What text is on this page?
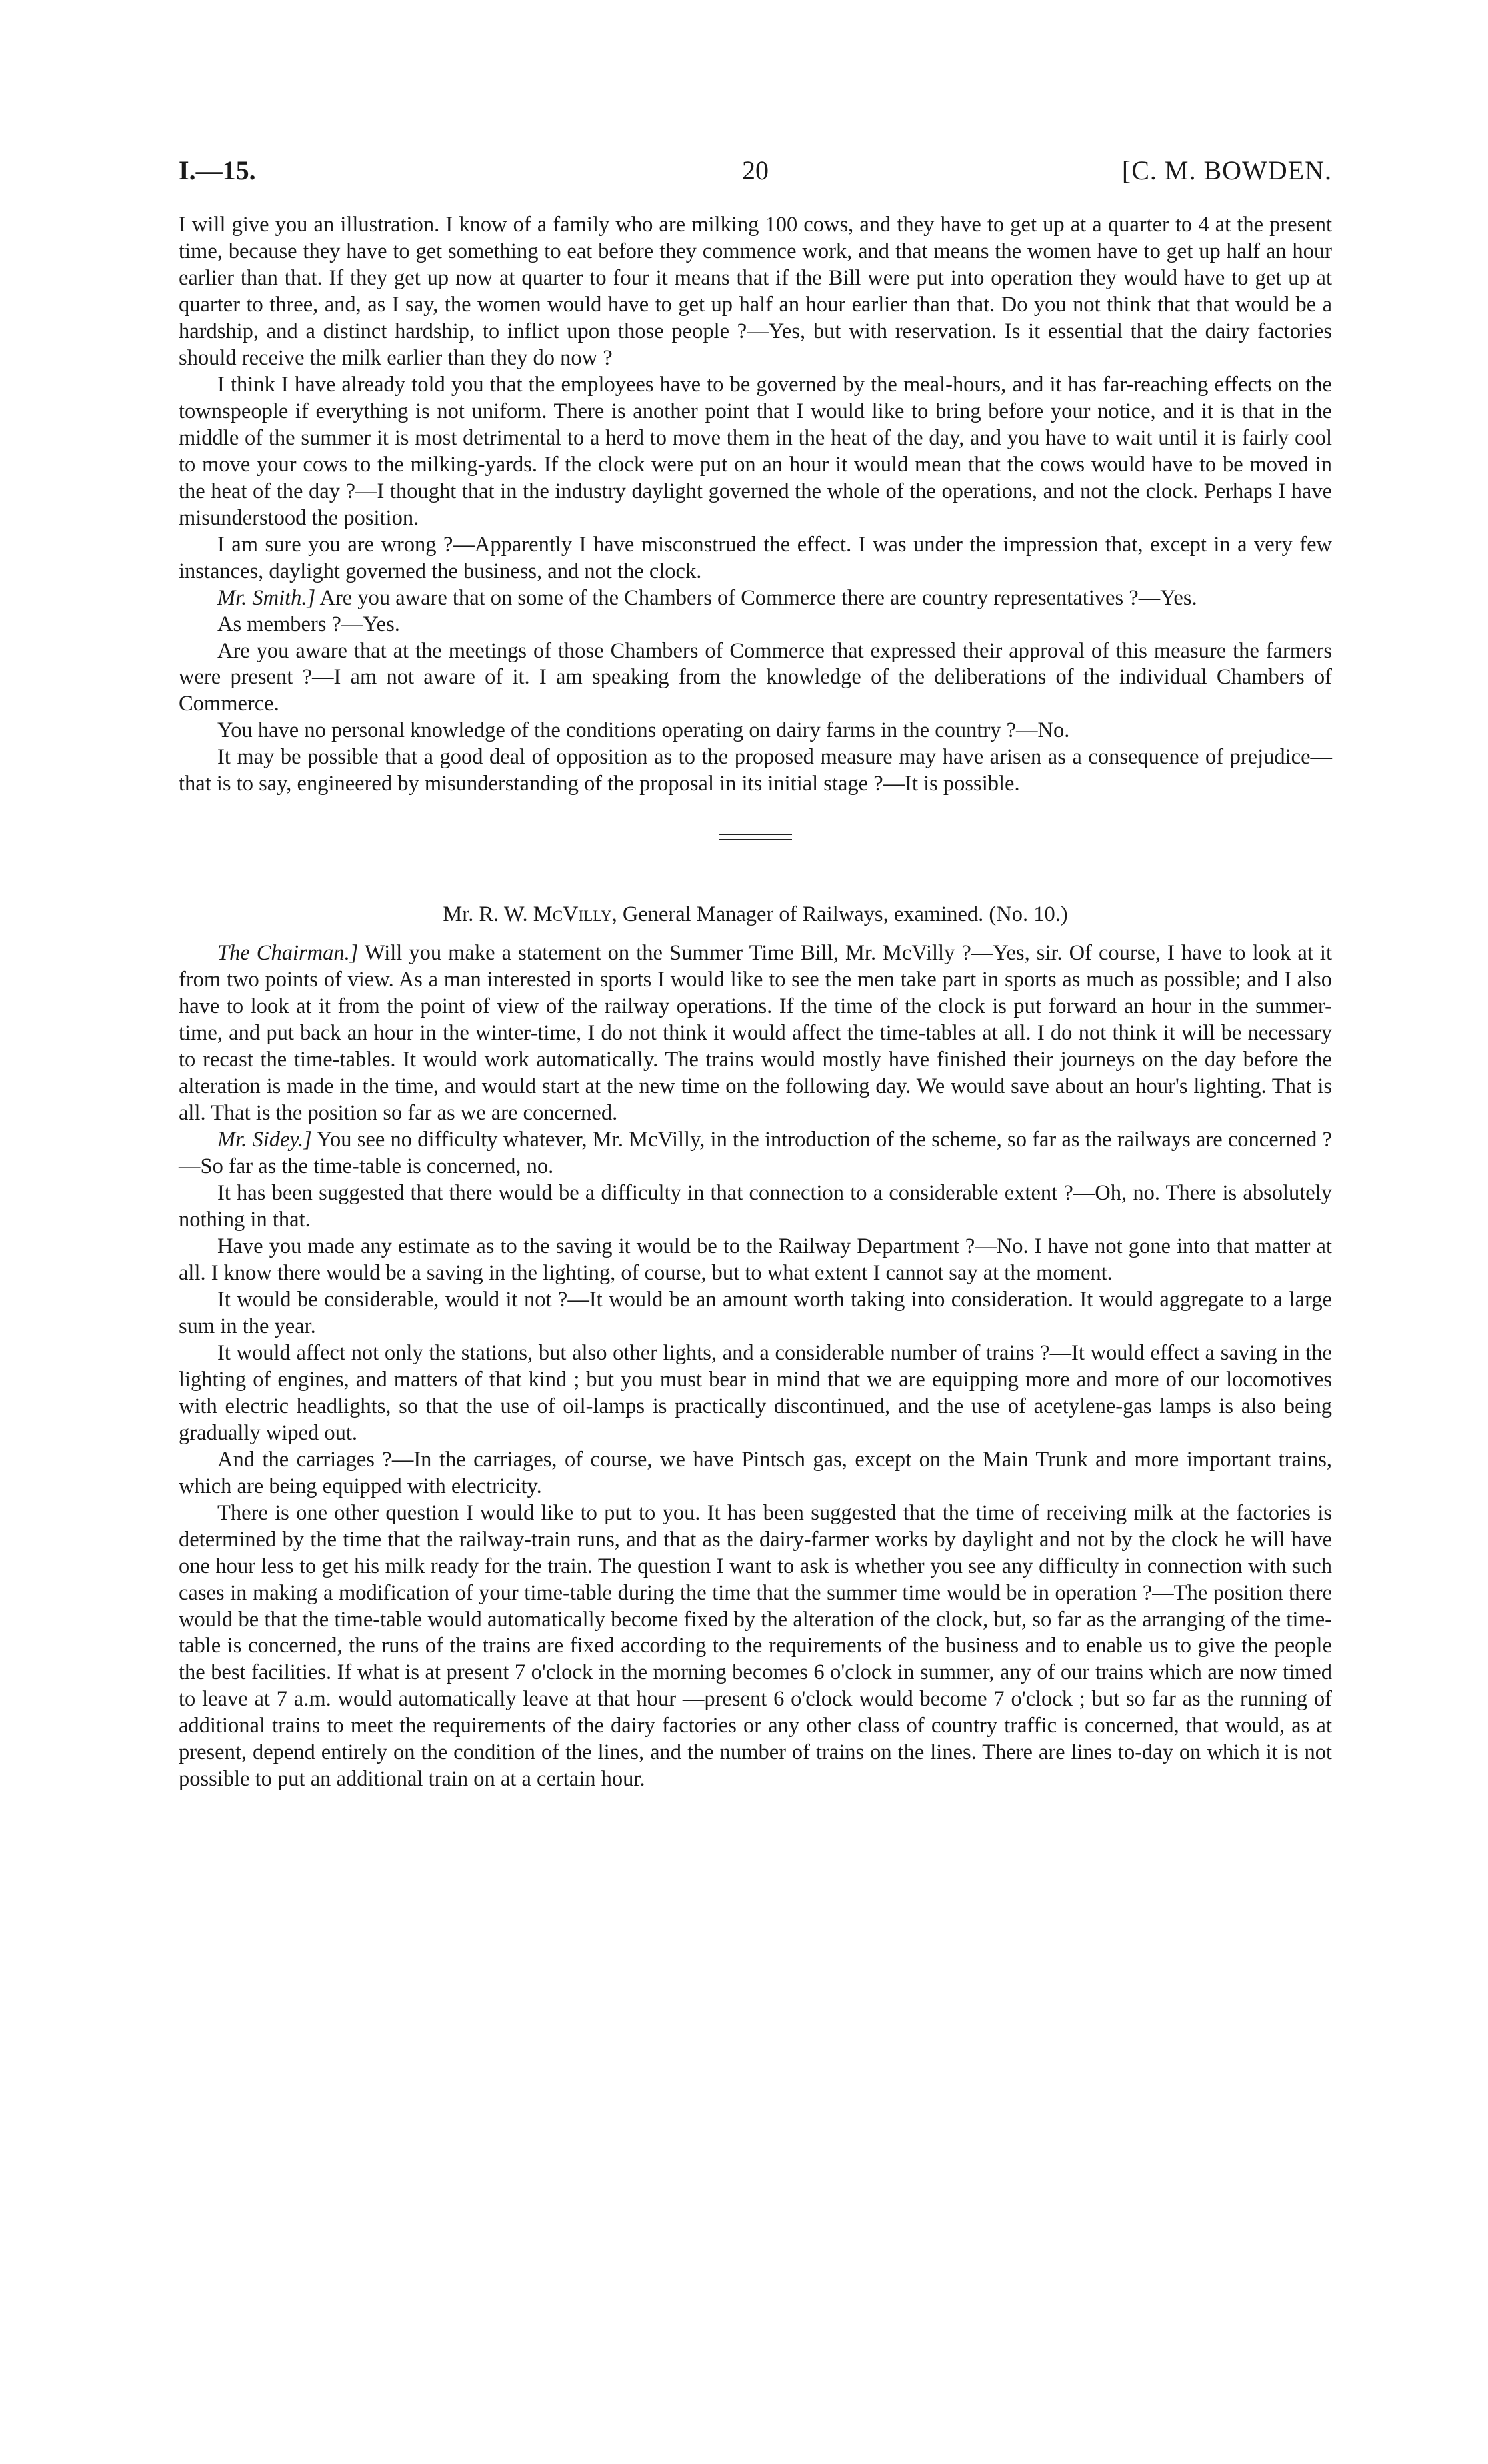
I.—15.	20	[C. M. BOWDEN.

I will give you an illustration. I know of a family who are milking 100 cows, and they have to get up at a quarter to 4 at the present time, because they have to get something to eat before they commence work, and that means the women have to get up half an hour earlier than that. If they get up now at quarter to four it means that if the Bill were put into operation they would have to get up at quarter to three, and, as I say, the women would have to get up half an hour earlier than that. Do you not think that that would be a hardship, and a distinct hardship, to inflict upon those people ?—Yes, but with reservation. Is it essential that the dairy factories should receive the milk earlier than they do now ?

I think I have already told you that the employees have to be governed by the meal-hours, and it has far-reaching effects on the townspeople if everything is not uniform. There is another point that I would like to bring before your notice, and it is that in the middle of the summer it is most detrimental to a herd to move them in the heat of the day, and you have to wait until it is fairly cool to move your cows to the milking-yards. If the clock were put on an hour it would mean that the cows would have to be moved in the heat of the day ?—I thought that in the industry daylight governed the whole of the operations, and not the clock. Perhaps I have misunderstood the position.

I am sure you are wrong ?—Apparently I have misconstrued the effect. I was under the impression that, except in a very few instances, daylight governed the business, and not the clock.

Mr. Smith.] Are you aware that on some of the Chambers of Commerce there are country representatives ?—Yes.

As members ?—Yes.

Are you aware that at the meetings of those Chambers of Commerce that expressed their approval of this measure the farmers were present ?—I am not aware of it. I am speaking from the knowledge of the deliberations of the individual Chambers of Commerce.

You have no personal knowledge of the conditions operating on dairy farms in the country ?—No.

It may be possible that a good deal of opposition as to the proposed measure may have arisen as a consequence of prejudice—that is to say, engineered by misunderstanding of the proposal in its initial stage ?—It is possible.

Mr. R. W. McVilly, General Manager of Railways, examined. (No. 10.)

The Chairman.] Will you make a statement on the Summer Time Bill, Mr. McVilly ?—Yes, sir. Of course, I have to look at it from two points of view. As a man interested in sports I would like to see the men take part in sports as much as possible; and I also have to look at it from the point of view of the railway operations. If the time of the clock is put forward an hour in the summer-time, and put back an hour in the winter-time, I do not think it would affect the time-tables at all. I do not think it will be necessary to recast the time-tables. It would work automatically. The trains would mostly have finished their journeys on the day before the alteration is made in the time, and would start at the new time on the following day. We would save about an hour's lighting. That is all. That is the position so far as we are concerned.

Mr. Sidey.] You see no difficulty whatever, Mr. McVilly, in the introduction of the scheme, so far as the railways are concerned ?—So far as the time-table is concerned, no.

It has been suggested that there would be a difficulty in that connection to a considerable extent ?—Oh, no. There is absolutely nothing in that.

Have you made any estimate as to the saving it would be to the Railway Department ?—No. I have not gone into that matter at all. I know there would be a saving in the lighting, of course, but to what extent I cannot say at the moment.

It would be considerable, would it not ?—It would be an amount worth taking into consideration. It would aggregate to a large sum in the year.

It would affect not only the stations, but also other lights, and a considerable number of trains ?—It would effect a saving in the lighting of engines, and matters of that kind ; but you must bear in mind that we are equipping more and more of our locomotives with electric headlights, so that the use of oil-lamps is practically discontinued, and the use of acetylene-gas lamps is also being gradually wiped out.

And the carriages ?—In the carriages, of course, we have Pintsch gas, except on the Main Trunk and more important trains, which are being equipped with electricity.

There is one other question I would like to put to you. It has been suggested that the time of receiving milk at the factories is determined by the time that the railway-train runs, and that as the dairy-farmer works by daylight and not by the clock he will have one hour less to get his milk ready for the train. The question I want to ask is whether you see any difficulty in connection with such cases in making a modification of your time-table during the time that the summer time would be in operation ?—The position there would be that the time-table would automatically become fixed by the alteration of the clock, but, so far as the arranging of the time-table is concerned, the runs of the trains are fixed according to the requirements of the business and to enable us to give the people the best facilities. If what is at present 7 o'clock in the morning becomes 6 o'clock in summer, any of our trains which are now timed to leave at 7 a.m. would automatically leave at that hour —present 6 o'clock would become 7 o'clock ; but so far as the running of additional trains to meet the requirements of the dairy factories or any other class of country traffic is concerned, that would, as at present, depend entirely on the condition of the lines, and the number of trains on the lines. There are lines to-day on which it is not possible to put an additional train on at a certain hour.
